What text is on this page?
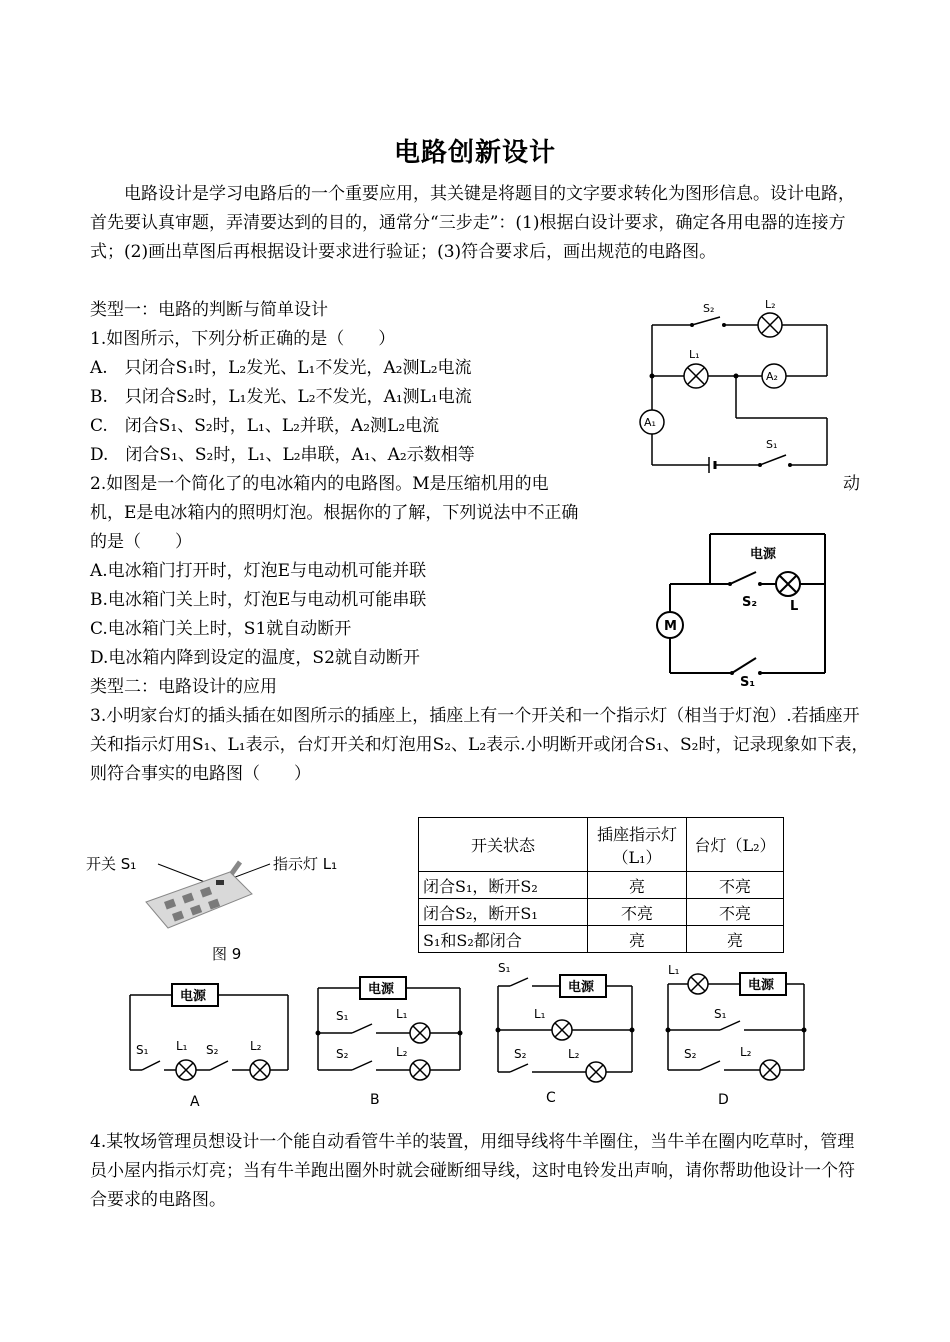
电路创新设计
电路设计是学习电路后的一个重要应用，其关键是将题目的文字要求转化为图形信息。设计电路，首先要认真审题，弄清要达到的目的，通常分“三步走”：(1)根据白设计要求，确定各用电器的连接方式；(2)画出草图后再根据设计要求进行验证；(3)符合要求后，画出规范的电路图。
类型一：电路的判断与简单设计
1.如图所示，下列分析正确的是（　　）
A.　只闭合S₁时，L₂发光、L₁不发光，A₂测L₂电流
B.　只闭合S₂时，L₁发光、L₂不发光，A₁测L₁电流
C.　闭合S₁、S₂时，L₁、L₂并联，A₂测L₂电流
D.　闭合S₁、S₂时，L₁、L₂串联，A₁、A₂示数相等
S₂	L₂
L₁
A₂
A₁
S₁
2.如图是一个简化了的电冰箱内的电路图。M是压缩机用的电	动
机，E是电冰箱内的照明灯泡。根据你的了解，下列说法中不正确
的是（　　）
A.电冰箱门打开时，灯泡E与电动机可能并联
B.电冰箱门关上时，灯泡E与电动机可能串联
C.电冰箱门关上时，S1就自动断开
D.电冰箱内降到设定的温度，S2就自动断开
电源
M
S₂	L
S₁
类型二：电路设计的应用
3.小明家台灯的插头插在如图所示的插座上，插座上有一个开关和一个指示灯（相当于灯泡）.若插座开关和指示灯用S₁、L₁表示，台灯开关和灯泡用S₂、L₂表示.小明断开或闭合S₁、S₂时，记录现象如下表，则符合事实的电路图（　　）
开关 S₁	指示灯 L₁
图 9
开关状态	插座指示灯（L₁）	台灯（L₂）
闭合S₁，断开S₂	亮	不亮
闭合S₂，断开S₁	不亮	不亮
S₁和S₂都闭合	亮	亮
电源	电源	电源	电源
S₁ L₁ S₂	L₂
S₁	L₁
S₂	L₂
S₁
L₁
S₂	L₂
L₁
S₁
S₂	L₂
A	B	C	D
4.某牧场管理员想设计一个能自动看管牛羊的装置，用细导线将牛羊圈住，当牛羊在圈内吃草时，管理员小屋内指示灯亮；当有牛羊跑出圈外时就会碰断细导线，这时电铃发出声响，请你帮助他设计一个符合要求的电路图。
